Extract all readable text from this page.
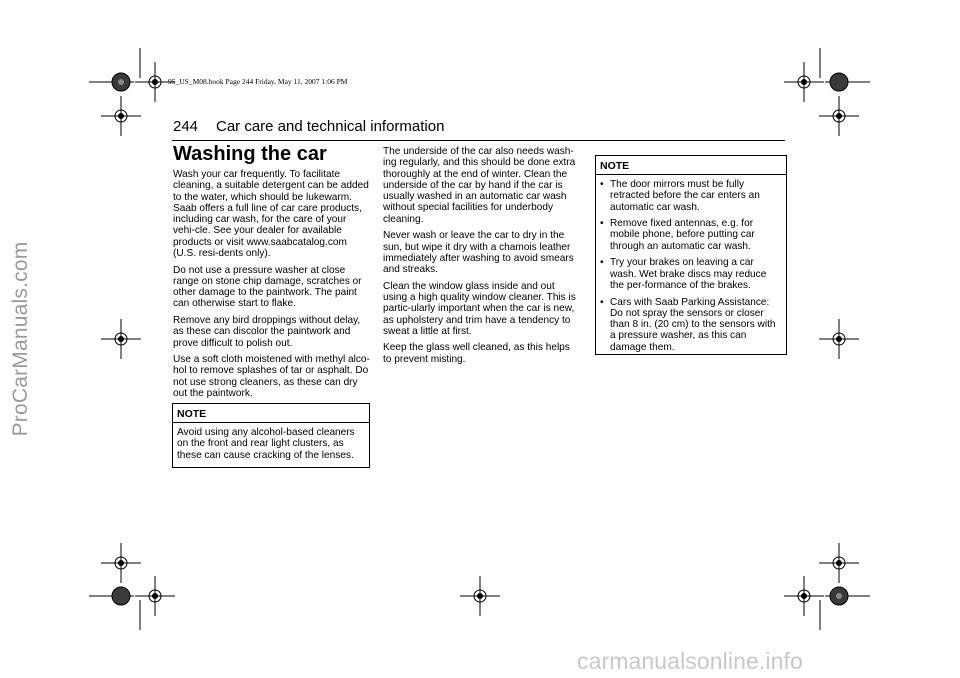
ProCarManuals.com
carmanualsonline.info
95_US_M08.book Page 244 Friday, May 11, 2007 1:06 PM
244 Car care and technical information
Washing the car

Wash your car frequently. To facilitate cleaning, a suitable detergent can be added to the water, which should be lukewarm. Saab offers a full line of car care products, including car wash, for the care of your vehi-cle. See your dealer for available products or visit www.saabcatalog.com (U.S. resi-dents only).

Do not use a pressure washer at close range on stone chip damage, scratches or other damage to the paintwork. The paint can otherwise start to flake.

Remove any bird droppings without delay, as these can discolor the paintwork and prove difficult to polish out.

Use a soft cloth moistened with methyl alco-hol to remove splashes of tar or asphalt. Do not use strong cleaners, as these can dry out the paintwork.

NOTE
Avoid using any alcohol-based cleaners on the front and rear light clusters, as these can cause cracking of the lenses.

The underside of the car also needs wash-ing regularly, and this should be done extra thoroughly at the end of winter. Clean the underside of the car by hand if the car is usually washed in an automatic car wash without special facilities for underbody cleaning.

Never wash or leave the car to dry in the sun, but wipe it dry with a chamois leather immediately after washing to avoid smears and streaks.

Clean the window glass inside and out using a high quality window cleaner. This is partic-ularly important when the car is new, as upholstery and trim have a tendency to sweat a little at first.

Keep the glass well cleaned, as this helps to prevent misting.

NOTE
• The door mirrors must be fully retracted before the car enters an automatic car wash.
• Remove fixed antennas, e.g. for mobile phone, before putting car through an automatic car wash.
• Try your brakes on leaving a car wash. Wet brake discs may reduce the per-formance of the brakes.
• Cars with Saab Parking Assistance: Do not spray the sensors or closer than 8 in. (20 cm) to the sensors with a pressure washer, as this can damage them.
